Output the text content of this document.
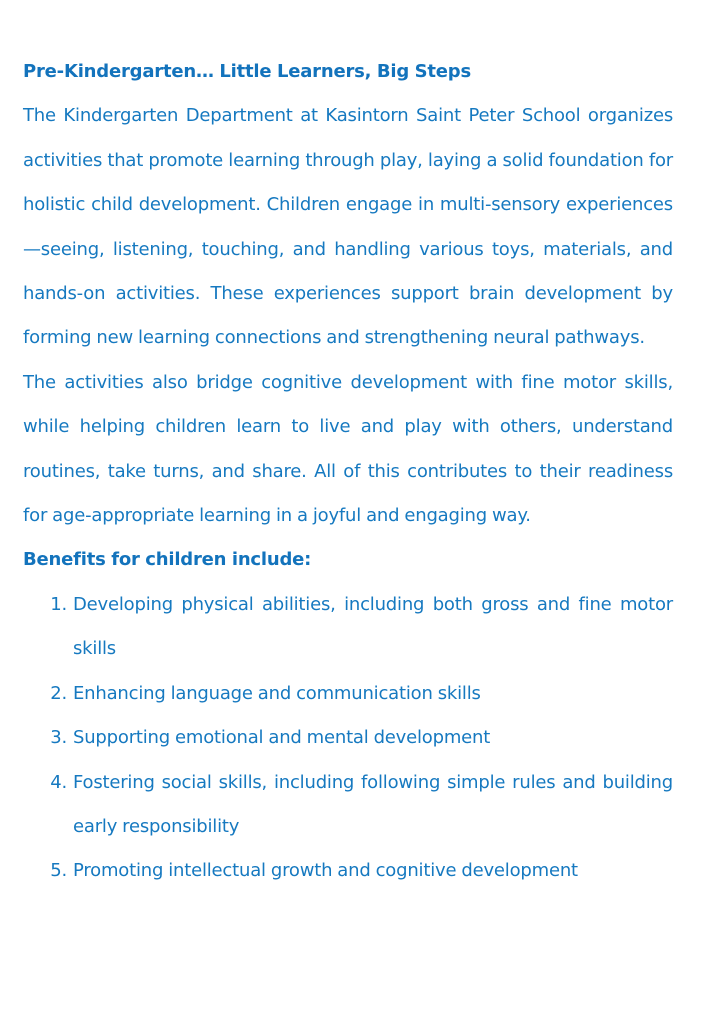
Pre-Kindergarten… Little Learners, Big Steps

The Kindergarten Department at Kasintorn Saint Peter School organizes activities that promote learning through play, laying a solid foundation for holistic child development. Children engage in multi-sensory experiences—seeing, listening, touching, and handling various toys, materials, and hands-on activities. These experiences support brain development by forming new learning connections and strengthening neural pathways.

The activities also bridge cognitive development with fine motor skills, while helping children learn to live and play with others, understand routines, take turns, and share. All of this contributes to their readiness for age-appropriate learning in a joyful and engaging way.

Benefits for children include:
1. Developing physical abilities, including both gross and fine motor skills
2. Enhancing language and communication skills
3. Supporting emotional and mental development
4. Fostering social skills, including following simple rules and building early responsibility
5. Promoting intellectual growth and cognitive development
